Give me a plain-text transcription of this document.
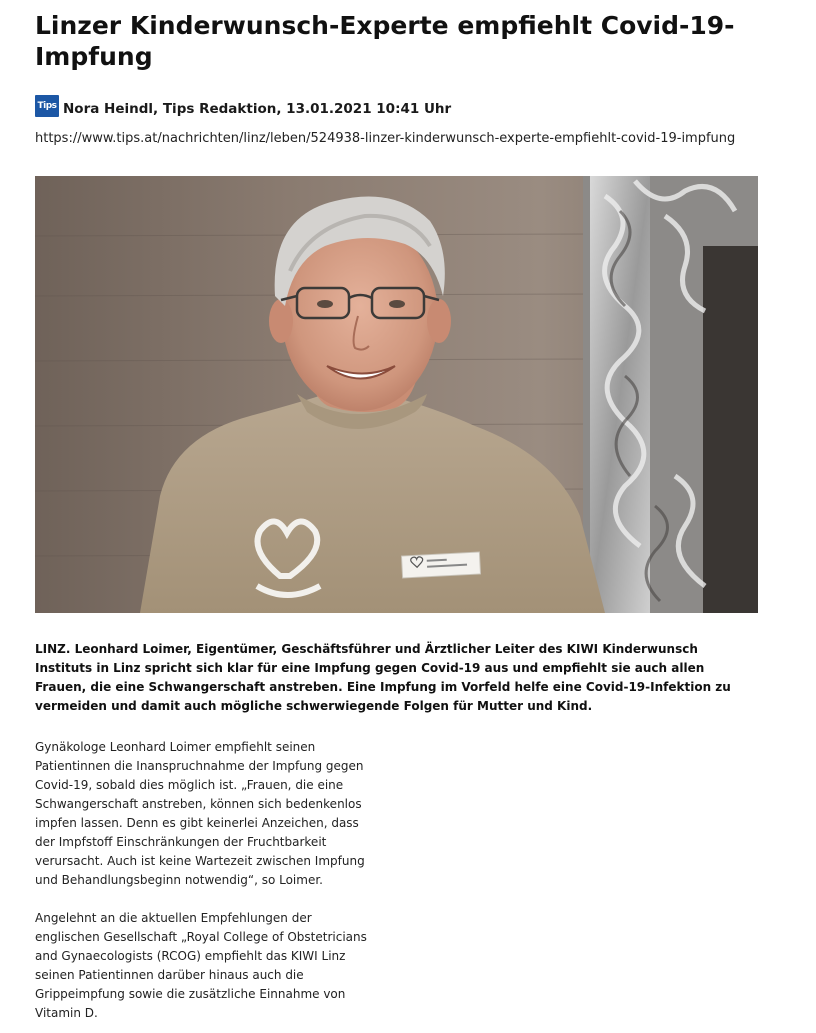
Linzer Kinderwunsch-Experte empfiehlt Covid-19-Impfung
Tips Nora Heindl, Tips Redaktion, 13.01.2021 10:41 Uhr
https://www.tips.at/nachrichten/linz/leben/524938-linzer-kinderwunsch-experte-empfiehlt-covid-19-impfung

LINZ. Leonhard Loimer, Eigentümer, Geschäftsführer und Ärztlicher Leiter des KIWI Kinderwunsch Instituts in Linz spricht sich klar für eine Impfung gegen Covid-19 aus und empfiehlt sie auch allen Frauen, die eine Schwangerschaft anstreben. Eine Impfung im Vorfeld helfe eine Covid-19-Infektion zu vermeiden und damit auch mögliche schwerwiegende Folgen für Mutter und Kind.

Gynäkologe Leonhard Loimer empfiehlt seinen Patientinnen die Inanspruchnahme der Impfung gegen Covid-19, sobald dies möglich ist. „Frauen, die eine Schwangerschaft anstreben, können sich bedenkenlos impfen lassen. Denn es gibt keinerlei Anzeichen, dass der Impfstoff Einschränkungen der Fruchtbarkeit verursacht. Auch ist keine Wartezeit zwischen Impfung und Behandlungsbeginn notwendig“, so Loimer.

Angelehnt an die aktuellen Empfehlungen der englischen Gesellschaft „Royal College of Obstetricians and Gynaecologists (RCOG) empfiehlt das KIWI Linz seinen Patientinnen darüber hinaus auch die Grippeimpfung sowie die zusätzliche Einnahme von Vitamin D.
